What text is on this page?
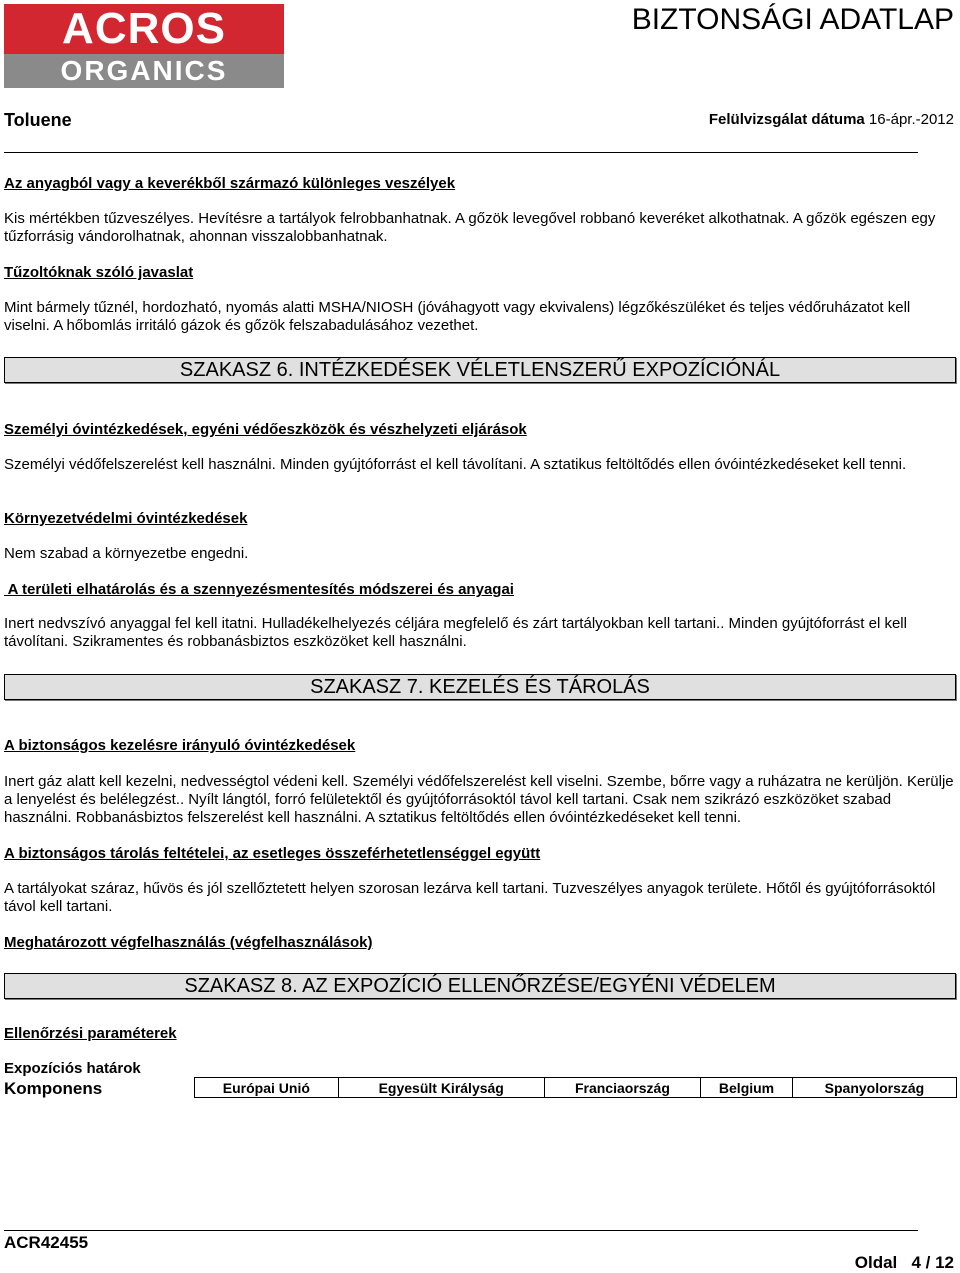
ACROS
ORGANICS
BIZTONSÁGI ADATLAP
Toluene	Felülvizsgálat dátuma 16-ápr.-2012
Az anyagból vagy a keverékből származó különleges veszélyek
Kis mértékben tűzveszélyes. Hevítésre a tartályok felrobbanhatnak. A gőzök levegővel robbanó keveréket alkothatnak. A gőzök egészen egy tűzforrásig vándorolhatnak, ahonnan visszalobbanhatnak.
Tűzoltóknak szóló javaslat
Mint bármely tűznél, hordozható, nyomás alatti MSHA/NIOSH (jóváhagyott vagy ekvivalens) légzőkészüléket és teljes védőruházatot kell viselni. A hőbomlás irritáló gázok és gőzök felszabadulásához vezethet.
SZAKASZ 6. INTÉZKEDÉSEK VÉLETLENSZERŰ EXPOZÍCIÓNÁL
Személyi óvintézkedések, egyéni védőeszközök és vészhelyzeti eljárások
Személyi védőfelszerelést kell használni. Minden gyújtóforrást el kell távolítani. A sztatikus feltöltődés ellen óvóintézkedéseket kell tenni.
Környezetvédelmi óvintézkedések
Nem szabad a környezetbe engedni.
A területi elhatárolás és a szennyezésmentesítés módszerei és anyagai
Inert nedvszívó anyaggal fel kell itatni. Hulladékelhelyezés céljára megfelelő és zárt tartályokban kell tartani.. Minden gyújtóforrást el kell távolítani. Szikramentes és robbanásbiztos eszközöket kell használni.
SZAKASZ 7. KEZELÉS ÉS TÁROLÁS
A biztonságos kezelésre irányuló óvintézkedések
Inert gáz alatt kell kezelni, nedvességtol védeni kell. Személyi védőfelszerelést kell viselni. Szembe, bőrre vagy a ruházatra ne kerüljön. Kerülje a lenyelést és belélegzést.. Nyílt lángtól, forró felületektől és gyújtóforrásoktól távol kell tartani. Csak nem szikrázó eszközöket szabad használni. Robbanásbiztos felszerelést kell használni. A sztatikus feltöltődés ellen óvóintézkedéseket kell tenni.
A biztonságos tárolás feltételei, az esetleges összeférhetetlenséggel együtt
A tartályokat száraz, hűvös és jól szellőztetett helyen szorosan lezárva kell tartani. Tuzveszélyes anyagok területe. Hőtől és gyújtóforrásoktól távol kell tartani.
Meghatározott végfelhasználás (végfelhasználások)
SZAKASZ 8. AZ EXPOZÍCIÓ ELLENŐRZÉSE/EGYÉNI VÉDELEM
Ellenőrzési paraméterek
Expozíciós határok
Komponens	Európai Unió	Egyesült Királyság	Franciaország	Belgium	Spanyolország
ACR42455
Oldal 4 / 12
